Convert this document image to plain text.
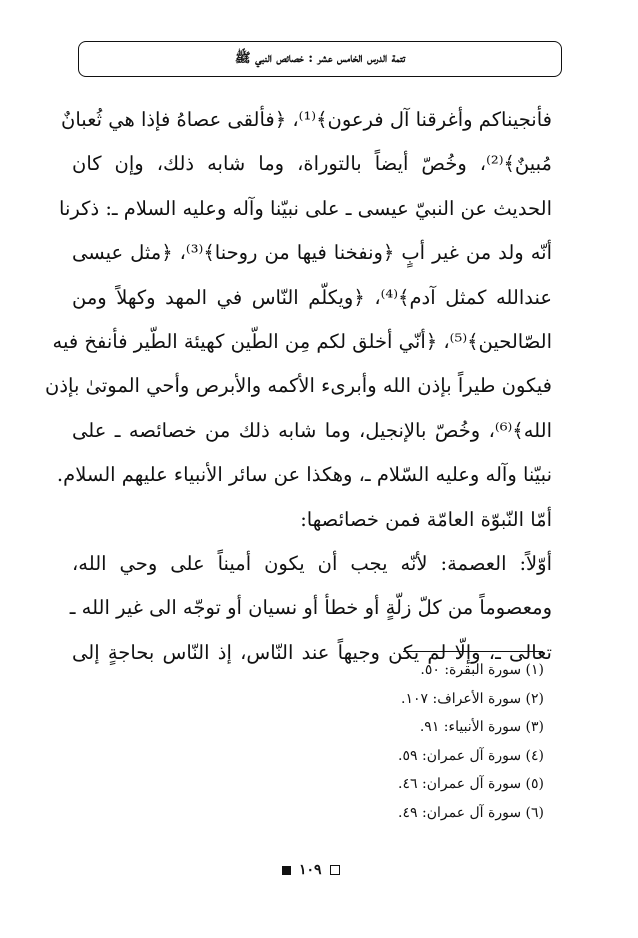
تتمة الدرس الخامس عشر : خصائص النبي ﷺ
فأنجيناكم وأغرقنا آل فرعون﴾⁽¹⁾، ﴿فألقى عصاهُ فإذا هي ثُعبانٌ
مُبينٌ﴾⁽²⁾، وخُصّ أيضاً بالتوراة، وما شابه ذلك، وإن كان
الحديث عن النبيّ عيسى ـ على نبيّنا وآله وعليه السلام ـ: ذكرنا
أنّه ولد من غير أبٍ ﴿ونفخنا فيها من روحنا﴾⁽³⁾، ﴿مثل عيسى
عندالله كمثل آدم﴾⁽⁴⁾، ﴿ويكلّم النّاس في المهد وكهلاً ومن
الصّالحين﴾⁽⁵⁾، ﴿أنّي أخلق لكم مِن الطّين كهيئة الطّير فأنفخ فيه
فيكون طيراً بإذن الله وأبرىء الأكمه والأبرص وأحي الموتىٰ بإذن
الله﴾⁽⁶⁾، وخُصّ بالإنجيل، وما شابه ذلك من خصائصه ـ على
نبيّنا وآله وعليه السّلام ـ، وهكذا عن سائر الأنبياء عليهم السلام.
أمّا النّبوّة العامّة فمن خصائصها:
أوّلاً: العصمة: لأنّه يجب أن يكون أميناً على وحي الله،
ومعصوماً من كلّ زلّةٍ أو خطأ أو نسيان أو توجّه الى غير الله ـ
تعالى ـ، وإلّا لم يكن وجيهاً عند النّاس، إذ النّاس بحاجةٍ إلى
(١) سورة البقرة: ٥٠.
(٢) سورة الأعراف: ١٠٧.
(٣) سورة الأنبياء: ٩١.
(٤) سورة آل عمران: ٥٩.
(٥) سورة آل عمران: ٤٦.
(٦) سورة آل عمران: ٤٩.
١٠٩
